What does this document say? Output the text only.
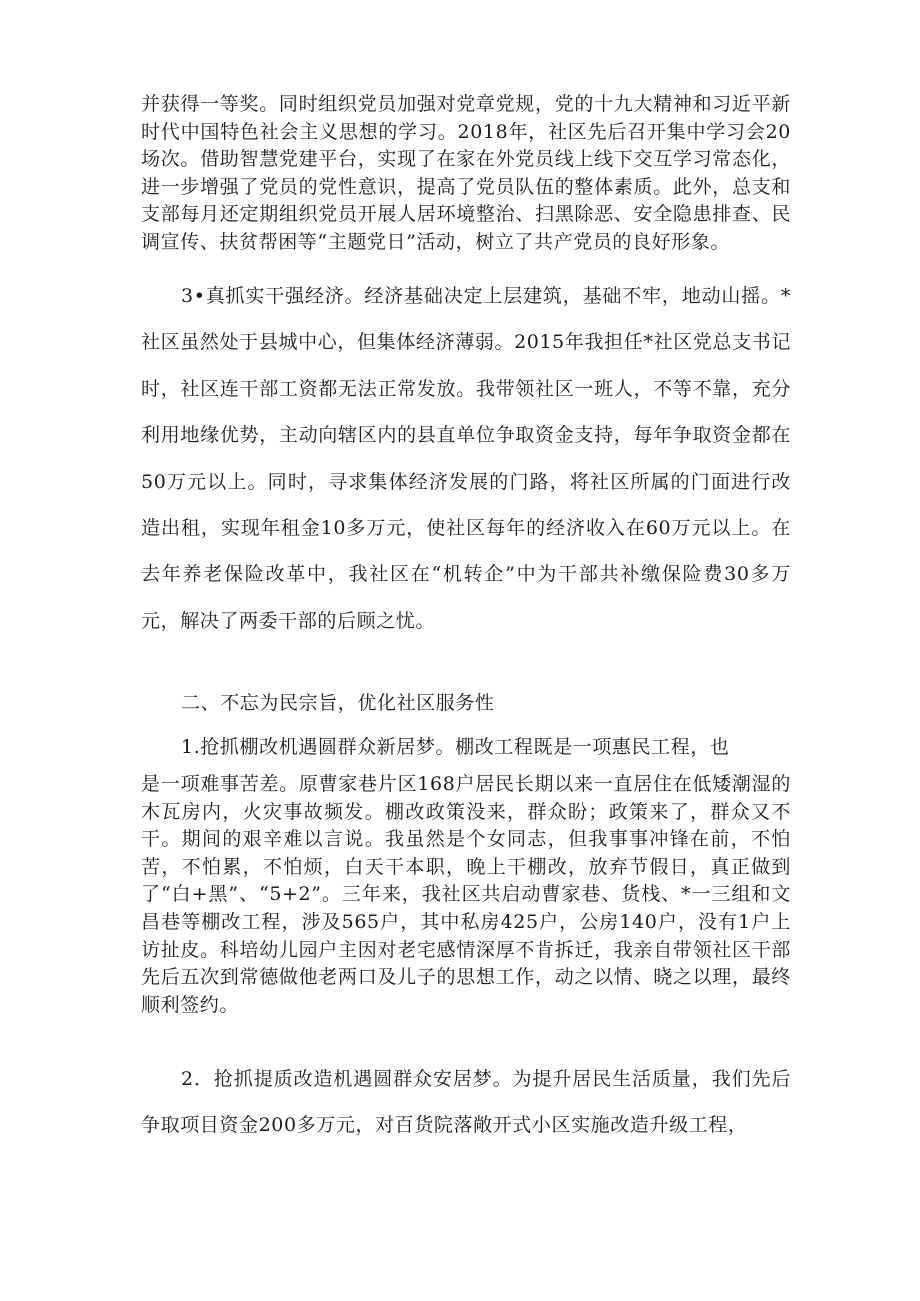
并获得一等奖。同时组织党员加强对党章党规，党的十九大精神和习近平新时代中国特色社会主义思想的学习。2018年，社区先后召开集中学习会20场次。借助智慧党建平台，实现了在家在外党员线上线下交互学习常态化，进一步增强了党员的党性意识，提高了党员队伍的整体素质。此外，总支和支部每月还定期组织党员开展人居环境整治、扫黑除恶、安全隐患排查、民调宣传、扶贫帮困等“主题党日”活动，树立了共产党员的良好形象。

3•真抓实干强经济。经济基础决定上层建筑，基础不牢，地动山摇。*社区虽然处于县城中心，但集体经济薄弱。2015年我担任*社区党总支书记时，社区连干部工资都无法正常发放。我带领社区一班人，不等不靠，充分利用地缘优势，主动向辖区内的县直单位争取资金支持，每年争取资金都在50万元以上。同时，寻求集体经济发展的门路，将社区所属的门面进行改造出租，实现年租金10多万元，使社区每年的经济收入在60万元以上。在去年养老保险改革中，我社区在“机转企”中为干部共补缴保险费30多万元，解决了两委干部的后顾之忧。

二、不忘为民宗旨，优化社区服务性

1.抢抓棚改机遇圆群众新居梦。棚改工程既是一项惠民工程，也

是一项难事苦差。原曹家巷片区168户居民长期以来一直居住在低矮潮湿的木瓦房内，火灾事故频发。棚改政策没来，群众盼；政策来了，群众又不干。期间的艰辛难以言说。我虽然是个女同志，但我事事冲锋在前，不怕苦，不怕累，不怕烦，白天干本职，晚上干棚改，放弃节假日，真正做到了“白+黑”、“5+2”。三年来，我社区共启动曹家巷、货栈、*一三组和文昌巷等棚改工程，涉及565户，其中私房425户，公房140户，没有1户上访扯皮。科培幼儿园户主因对老宅感情深厚不肯拆迁，我亲自带领社区干部先后五次到常德做他老两口及儿子的思想工作，动之以情、晓之以理，最终顺利签约。

2．抢抓提质改造机遇圆群众安居梦。为提升居民生活质量，我们先后争取项目资金200多万元，对百货院落敞开式小区实施改造升级工程，
